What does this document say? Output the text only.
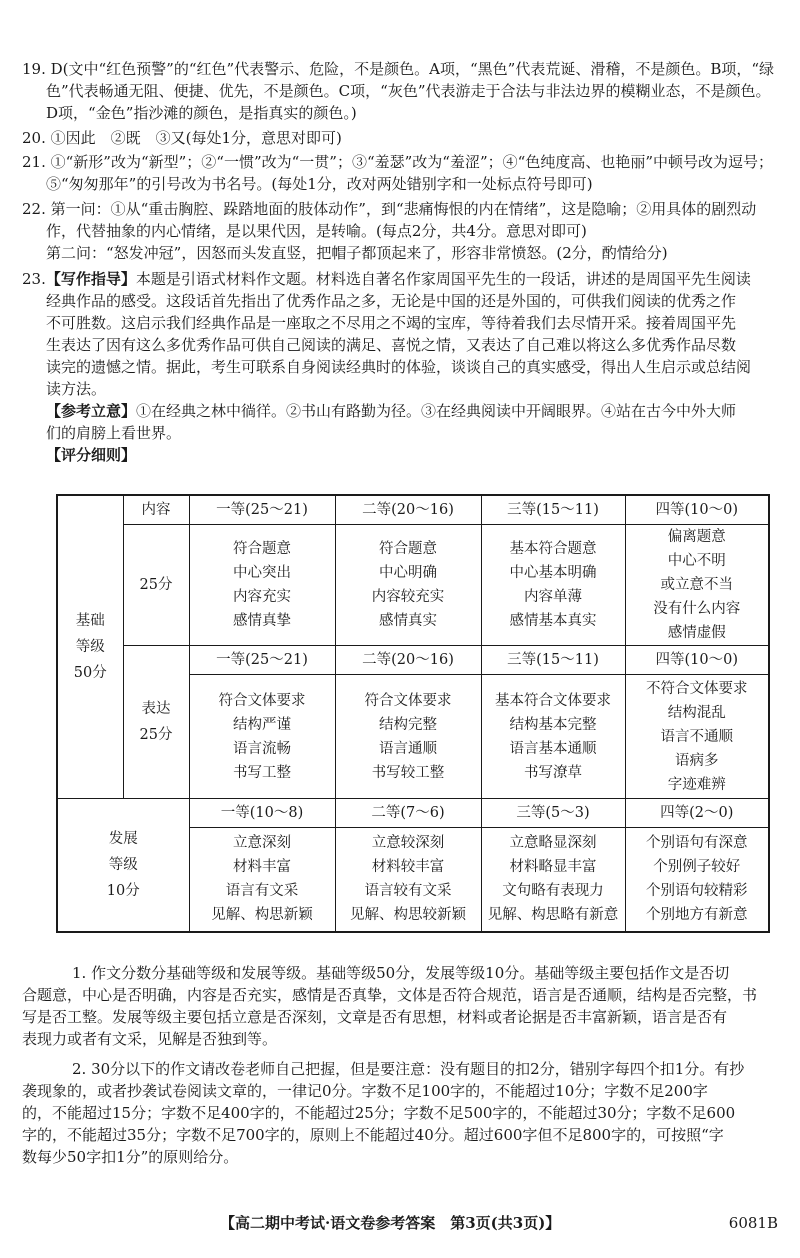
19. D(文中“红色预警”的“红色”代表警示、危险，不是颜色。A项，“黑色”代表荒诞、滑稽，不是颜色。B项，“绿
色”代表畅通无阻、便捷、优先，不是颜色。C项，“灰色”代表游走于合法与非法边界的模糊业态，不是颜色。
D项，“金色”指沙滩的颜色，是指真实的颜色。)
20. ①因此　②既　③又(每处1分，意思对即可)
21. ①“新形”改为“新型”；②“一惯”改为“一贯”；③“羞瑟”改为“羞涩”；④“色纯度高、也艳丽”中顿号改为逗号；
⑤“匆匆那年”的引号改为书名号。(每处1分，改对两处错别字和一处标点符号即可)
22. 第一问：①从“重击胸腔、跺踏地面的肢体动作”，到“悲痛悔恨的内在情绪”，这是隐喻；②用具体的剧烈动
作，代替抽象的内心情绪，是以果代因，是转喻。(每点2分，共4分。意思对即可)
第二问：“怒发冲冠”，因怒而头发直竖，把帽子都顶起来了，形容非常愤怒。(2分，酌情给分)
23.【写作指导】本题是引语式材料作文题。材料选自著名作家周国平先生的一段话，讲述的是周国平先生阅读
经典作品的感受。这段话首先指出了优秀作品之多，无论是中国的还是外国的，可供我们阅读的优秀之作
不可胜数。这启示我们经典作品是一座取之不尽用之不竭的宝库，等待着我们去尽情开采。接着周国平先
生表达了因有这么多优秀作品可供自己阅读的满足、喜悦之情，又表达了自己难以将这么多优秀作品尽数
读完的遗憾之情。据此，考生可联系自身阅读经典时的体验，谈谈自己的真实感受，得出人生启示或总结阅
读方法。
【参考立意】①在经典之林中徜徉。②书山有路勤为径。③在经典阅读中开阔眼界。④站在古今中外大师
们的肩膀上看世界。
【评分细则】
基础
等级
50分	内容	一等(25～21)	二等(20～16)	三等(15～11)	四等(10～0)
	25分	符合题意
中心突出
内容充实
感情真挚	符合题意
中心明确
内容较充实
感情真实	基本符合题意
中心基本明确
内容单薄
感情基本真实	偏离题意
中心不明
或立意不当
没有什么内容
感情虚假

	表达
25分	一等(25～21)	二等(20～16)	三等(15～11)	四等(10～0)

		符合文体要求
结构严谨
语言流畅
书写工整	符合文体要求
结构完整
语言通顺
书写较工整	基本符合文体要求
结构基本完整
语言基本通顺
书写潦草	不符合文体要求
结构混乱
语言不通顺
语病多
字迹难辨

发展
等级
10分		一等(10～8)	二等(7～6)	三等(5～3)	四等(2～0)

		立意深刻
材料丰富
语言有文采
见解、构思新颖	立意较深刻
材料较丰富
语言较有文采
见解、构思较新颖	立意略显深刻
材料略显丰富
文句略有表现力
见解、构思略有新意	个别语句有深意
个别例子较好
个别语句较精彩
个别地方有新意
1. 作文分数分基础等级和发展等级。基础等级50分，发展等级10分。基础等级主要包括作文是否切
合题意，中心是否明确，内容是否充实，感情是否真挚，文体是否符合规范，语言是否通顺，结构是否完整，书
写是否工整。发展等级主要包括立意是否深刻，文章是否有思想，材料或者论据是否丰富新颖，语言是否有
表现力或者有文采，见解是否独到等。
2. 30分以下的作文请改卷老师自己把握，但是要注意：没有题目的扣2分，错别字每四个扣1分。有抄
袭现象的，或者抄袭试卷阅读文章的，一律记0分。字数不足100字的，不能超过10分；字数不足200字
的，不能超过15分；字数不足400字的，不能超过25分；字数不足500字的，不能超过30分；字数不足600
字的，不能超过35分；字数不足700字的，原则上不能超过40分。超过600字但不足800字的，可按照“字
数每少50字扣1分”的原则给分。
【高二期中考试·语文卷参考答案　第3页(共3页)】	6081B
